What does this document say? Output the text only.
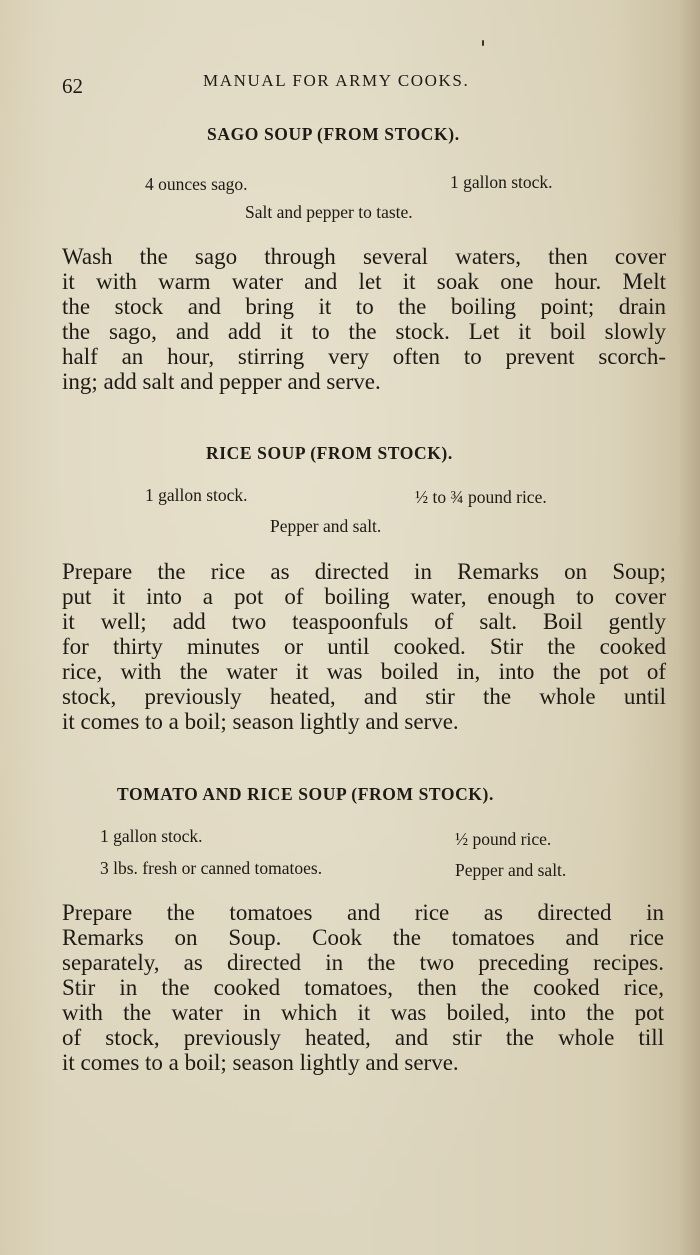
62	MANUAL FOR ARMY COOKS.
SAGO SOUP (FROM STOCK).
4 ounces sago.	1 gallon stock.
Salt and pepper to taste.
Wash the sago through several waters, then cover
it with warm water and let it soak one hour. Melt
the stock and bring it to the boiling point; drain
the sago, and add it to the stock. Let it boil slowly
half an hour, stirring very often to prevent scorch-
ing; add salt and pepper and serve.
RICE SOUP (FROM STOCK).
1 gallon stock.	½ to ¾ pound rice.
Pepper and salt.
Prepare the rice as directed in Remarks on Soup;
put it into a pot of boiling water, enough to cover
it well; add two teaspoonfuls of salt. Boil gently
for thirty minutes or until cooked. Stir the cooked
rice, with the water it was boiled in, into the pot of
stock, previously heated, and stir the whole until
it comes to a boil; season lightly and serve.
TOMATO AND RICE SOUP (FROM STOCK).
1 gallon stock.	½ pound rice.
3 lbs. fresh or canned tomatoes.	Pepper and salt.
Prepare the tomatoes and rice as directed in
Remarks on Soup. Cook the tomatoes and rice
separately, as directed in the two preceding recipes.
Stir in the cooked tomatoes, then the cooked rice,
with the water in which it was boiled, into the pot
of stock, previously heated, and stir the whole till
it comes to a boil; season lightly and serve.
